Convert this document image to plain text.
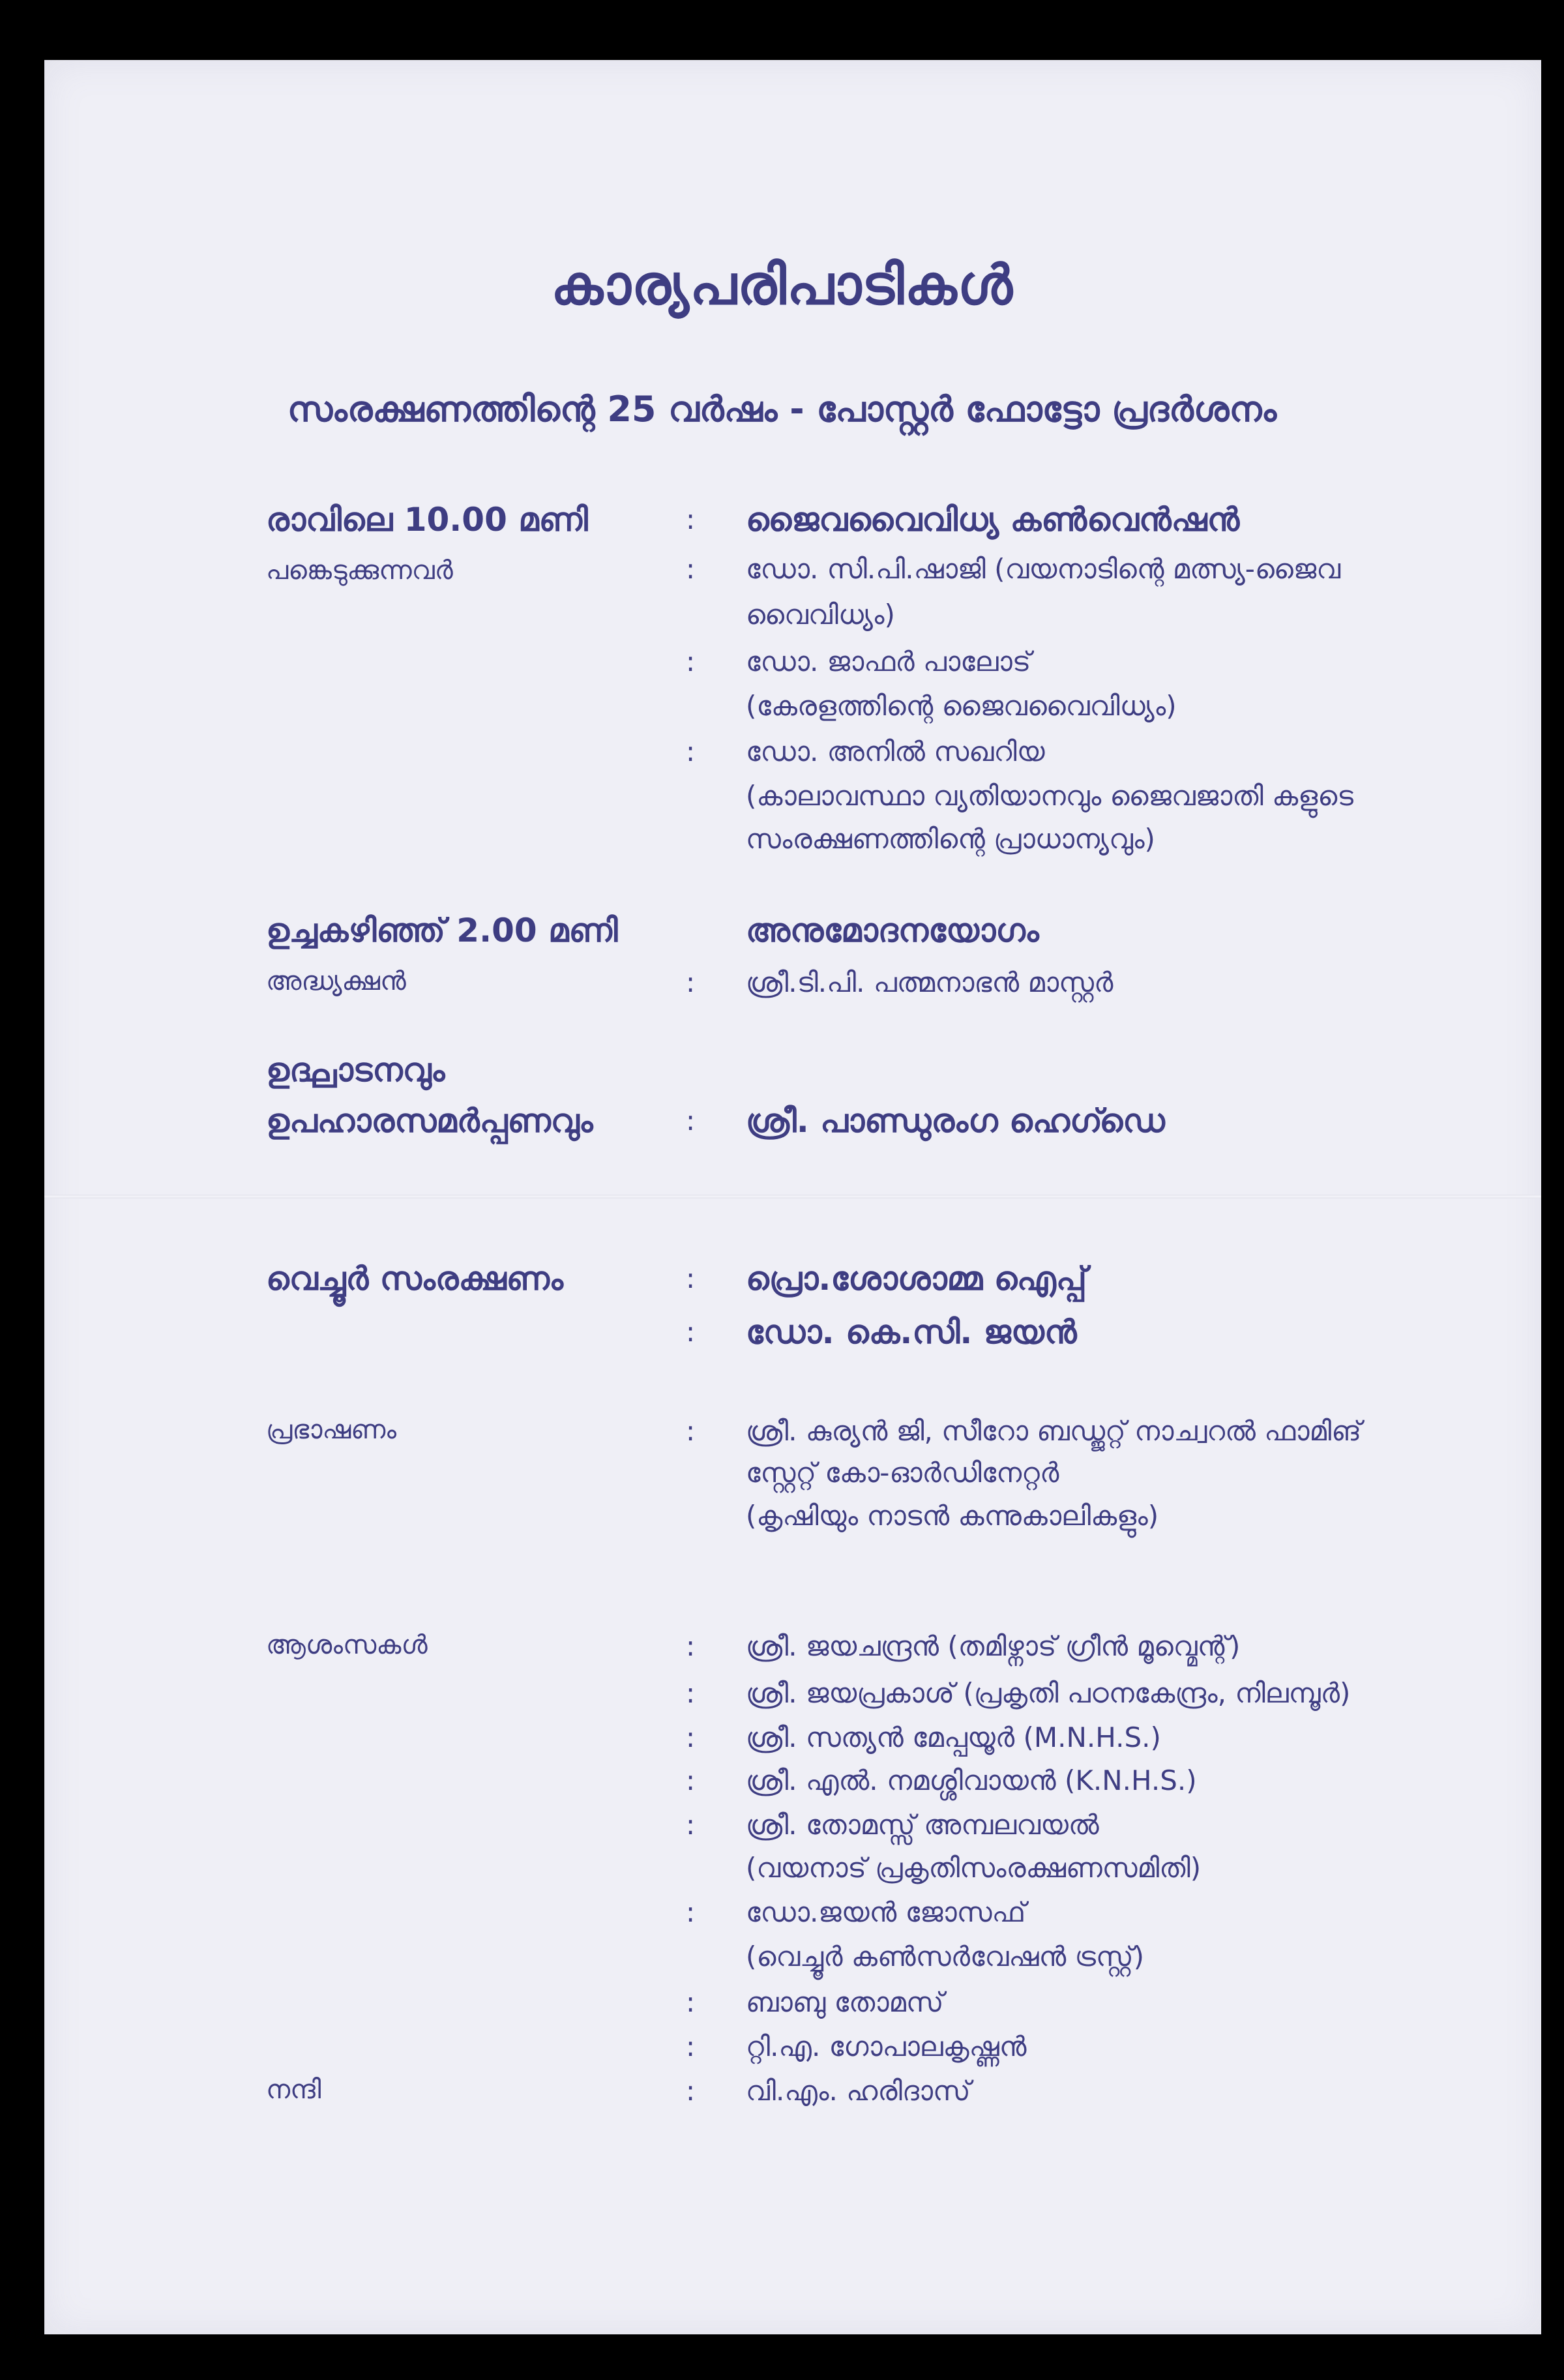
കാര്യപരിപാടികൾ
സംരക്ഷണത്തിന്റെ 25 വർഷം - പോസ്റ്റർ ഫോട്ടോ പ്രദർശനം
രാവിലെ 10.00 മണി	: ജൈവവൈവിധ്യ കൺവെൻഷൻ
പങ്കെടുക്കുന്നവർ	: ഡോ. സി.പി.ഷാജി (വയനാടിന്റെ മത്സ്യ-ജൈവ
വൈവിധ്യം)
: ഡോ. ജാഫർ പാലോട്
(കേരളത്തിന്റെ ജൈവവൈവിധ്യം)
: ഡോ. അനിൽ സഖറിയ
(കാലാവസ്ഥാ വ്യതിയാനവും ജൈവജാതി കളുടെ
സംരക്ഷണത്തിന്റെ പ്രാധാന്യവും)
ഉച്ചകഴിഞ്ഞ് 2.00 മണി	അനുമോദനയോഗം
അദ്ധ്യക്ഷൻ	: ശ്രീ.ടി.പി. പത്മനാഭൻ മാസ്റ്റർ
ഉദ്ഘാടനവും
ഉപഹാരസമർപ്പണവും	: ശ്രീ. പാണ്ഡുരംഗ ഹെഗ്ഡെ
വെച്ചൂർ സംരക്ഷണം	: പ്രൊ.ശോശാമ്മ ഐപ്പ്
: ഡോ. കെ.സി. ജയൻ
പ്രഭാഷണം	: ശ്രീ. കുര്യൻ ജി, സീറോ ബഡ്ജറ്റ് നാച്വറൽ ഫാമിങ്
സ്റ്റേറ്റ് കോ-ഓർഡിനേറ്റർ
(കൃഷിയും നാടൻ കന്നുകാലികളും)
ആശംസകൾ	: ശ്രീ. ജയചന്ദ്രൻ (തമിഴ്നാട് ഗ്രീൻ മൂവ്മെന്റ്)
: ശ്രീ. ജയപ്രകാശ് (പ്രകൃതി പഠനകേന്ദ്രം, നിലമ്പൂർ)
: ശ്രീ. സത്യൻ മേപ്പയൂർ (M.N.H.S.)
: ശ്രീ. എൽ. നമശ്ശിവായൻ (K.N.H.S.)
: ശ്രീ. തോമസ്സ് അമ്പലവയൽ
(വയനാട് പ്രകൃതിസംരക്ഷണസമിതി)
: ഡോ.ജയൻ ജോസഫ്
(വെച്ചൂർ കൺസർവേഷൻ ട്രസ്റ്റ്)
: ബാബു തോമസ്
: റ്റി.എ. ഗോപാലകൃഷ്ണൻ
നന്ദി	: വി.എം. ഹരിദാസ്
